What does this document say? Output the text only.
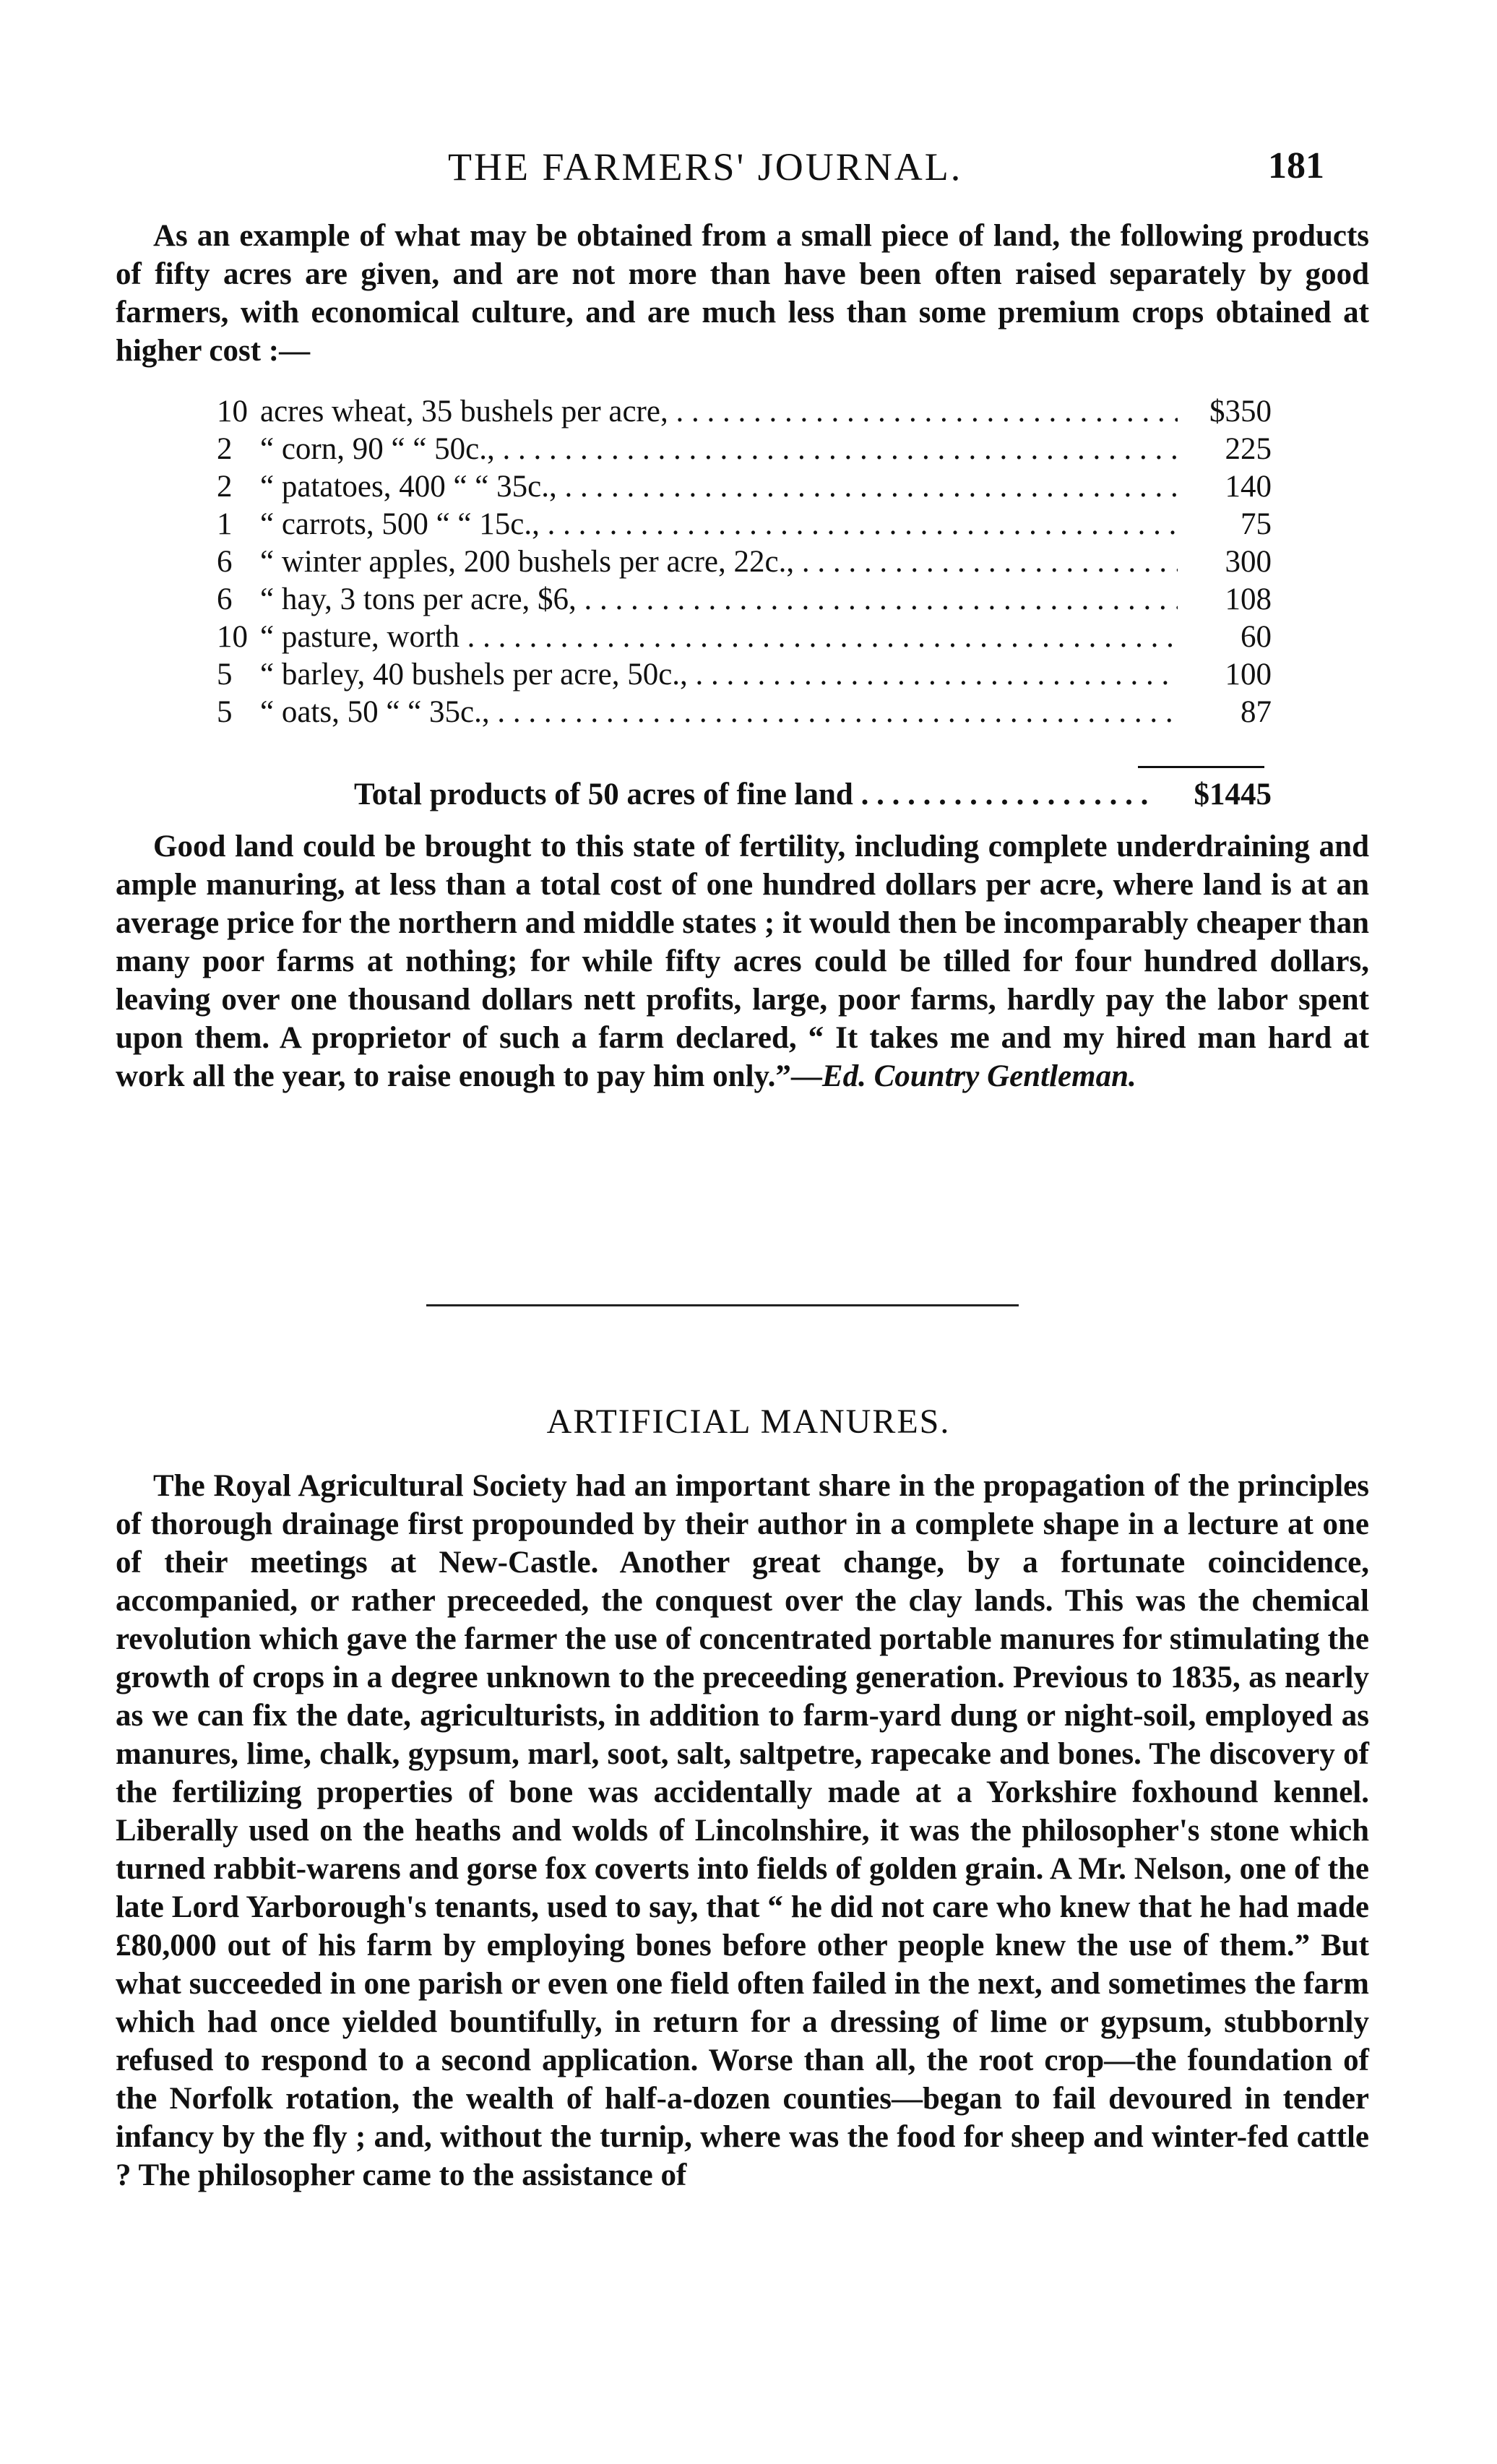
THE FARMERS' JOURNAL.	181
As an example of what may be obtained from a small piece of land, the following products of fifty acres are given, and are not more than have been often raised separately by good farmers, with economical culture, and are much less than some premium crops obtained at higher cost :—
10 acres wheat, 35 bushels per acre, . . .	$350
2 “ corn, 90 “ “ 50c., . . .	225
2 “ patatoes, 400 “ “ 35c., . . .	140
1 “ carrots, 500 “ “ 15c., . . .	75
6 “ winter apples, 200 bushels per acre, 22c., . . .	300
6 “ hay, 3 tons per acre, $6, . . .	108
10 “ pasture, worth . . .	60
5 “ barley, 40 bushels per acre, 50c., . . .	100
5 “ oats, 50 “ “ 35c., . . .	87
Total products of 50 acres of fine land . . .	$1445
Good land could be brought to this state of fertility, including complete underdraining and ample manuring, at less than a total cost of one hundred dollars per acre, where land is at an average price for the northern and middle states ; it would then be incomparably cheaper than many poor farms at nothing; for while fifty acres could be tilled for four hundred dollars, leaving over one thousand dollars nett profits, large, poor farms, hardly pay the labor spent upon them. A proprietor of such a farm declared, “ It takes me and my hired man hard at work all the year, to raise enough to pay him only.”—Ed. Country Gentleman.
ARTIFICIAL MANURES.
The Royal Agricultural Society had an important share in the propagation of the principles of thorough drainage first propounded by their author in a complete shape in a lecture at one of their meetings at New-Castle. Another great change, by a fortunate coincidence, accompanied, or rather preceeded, the conquest over the clay lands. This was the chemical revolution which gave the farmer the use of concentrated portable manures for stimulating the growth of crops in a degree unknown to the preceeding generation. Previous to 1835, as nearly as we can fix the date, agriculturists, in addition to farm-yard dung or night-soil, employed as manures, lime, chalk, gypsum, marl, soot, salt, saltpetre, rapecake and bones. The discovery of the fertilizing properties of bone was accidentally made at a Yorkshire foxhound kennel. Liberally used on the heaths and wolds of Lincolnshire, it was the philosopher's stone which turned rabbit-warens and gorse fox coverts into fields of golden grain. A Mr. Nelson, one of the late Lord Yarborough's tenants, used to say, that “ he did not care who knew that he had made £80,000 out of his farm by employing bones before other people knew the use of them.” But what succeeded in one parish or even one field often failed in the next, and sometimes the farm which had once yielded bountifully, in return for a dressing of lime or gypsum, stubbornly refused to respond to a second application. Worse than all, the root crop—the foundation of the Norfolk rotation, the wealth of half-a-dozen counties—began to fail devoured in tender infancy by the fly ; and, without the turnip, where was the food for sheep and winter-fed cattle ? The philosopher came to the assistance of
